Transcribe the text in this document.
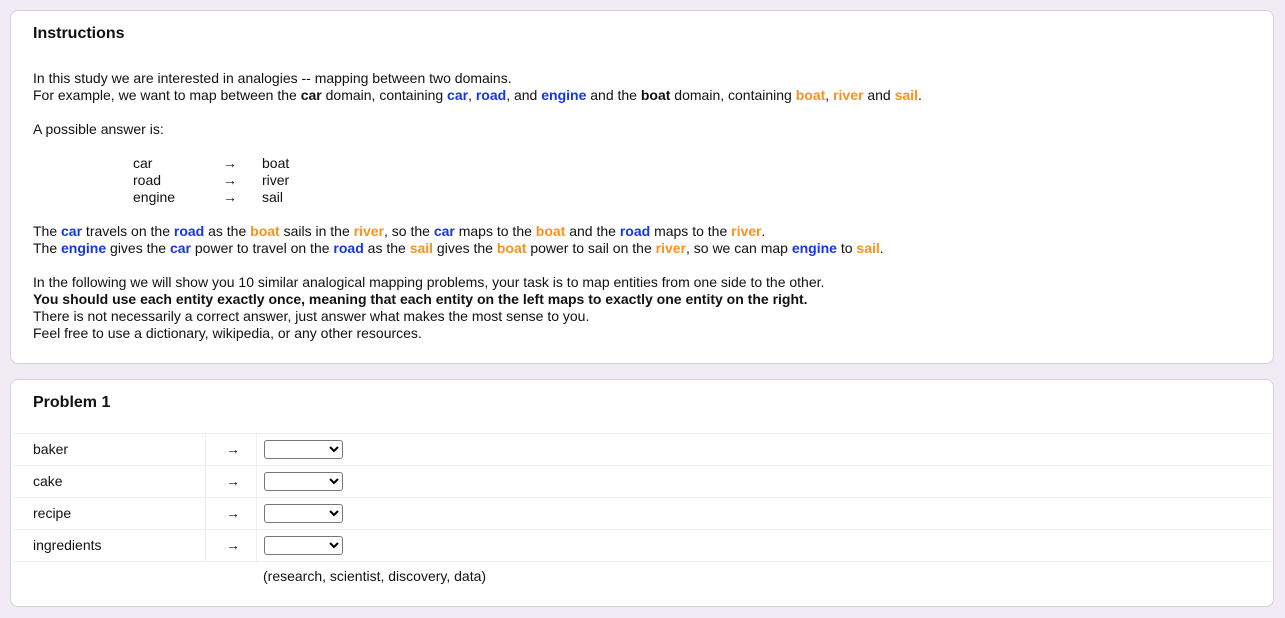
Instructions
In this study we are interested in analogies -- mapping between two domains.
For example, we want to map between the car domain, containing car, road, and engine and the boat domain, containing boat, river and sail.
A possible answer is:
car	→ boat
road	→ river
engine	→ sail
The car travels on the road as the boat sails in the river, so the car maps to the boat and the road maps to the river.
The engine gives the car power to travel on the road as the sail gives the boat power to sail on the river, so we can map engine to sail.
In the following we will show you 10 similar analogical mapping problems, your task is to map entities from one side to the other.
You should use each entity exactly once, meaning that each entity on the left maps to exactly one entity on the right.
There is not necessarily a correct answer, just answer what makes the most sense to you.
Feel free to use a dictionary, wikipedia, or any other resources.
Problem 1
baker	→
cake	→
recipe	→
ingredients	→
(research, scientist, discovery, data)
